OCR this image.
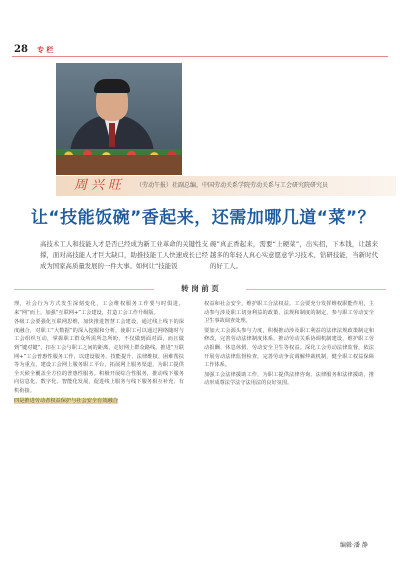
28 专 栏
周兴旺 （劳动午报）社副总编，中国劳动关系学院劳动关系与工会研究院研究员
让“技能饭碗”香起来，还需加哪几道“菜”？
高技术工人和技能人才是否已经成为新工业革命的关键性支撑，面对高技能人才巨大缺口，助推技能工人快速成长已经成为国家高质量发展的一件大事。如何让“技能饭
碗”真正香起来，需要“上硬菜”，出实招，下本钱，让越来越多的年轻人真心实意愿意学习技术、钻研技能，当新时代的好工人。
转 岗 前 页

理，社会行为方式发生深刻变化，工会维权服务工作要与时俱进，来“网”而上，加强“互联网+”工会建设，打造工会工作升级版。

各级工会要强化互联网思维，加快推进智慧工会建设，通过线上线下的深度融合，对职工“大数据”的深入挖掘和分析，使职工可以通过网络随时与工会组织互动，掌握职工群众所需所急所盼，不仅做到面对面，而且做到“键对键”，扣在工会与职工之间的距离，走好网上群众路线。推进“互联网+”工会普惠性服务工作，以建设服务、技能提升、法律维权、困难帮扶等为重点，建设工会网上服务职工平台，拓展网上服务渠道，为职工提供全天候全覆盖全方位的普惠性服务。积极开展综合性服务，推动线下服务向信息化、数字化、智能化发展，促进线上服务与线下服务相互补充、有机衔接。

四是推进劳动者权益保护与社会安全有效融合

权益和社会安全，维护职工合法权益。工会要充分发挥维权职能作用，主动参与涉及职工切身利益的政策、法规和制度的制定，参与职工劳动安全卫生事故调查处理。

要加大工会源头参与力度，积极推动涉及职工利益的法律法规政策制定和修改，完善劳动法律制度体系。推动劳动关系协调机制建设，维护职工劳动报酬、休息休假、劳动安全卫生等权益。深化工会劳动法律监督，依法开展劳动法律监督检查，完善劳动争议调解仲裁机制，健全职工权益保障工作体系。

加强工会法律援助工作，为职工提供法律咨询、法律服务和法律援助，推动形成尊法学法守法用法的良好氛围。

编辑·潘 静
